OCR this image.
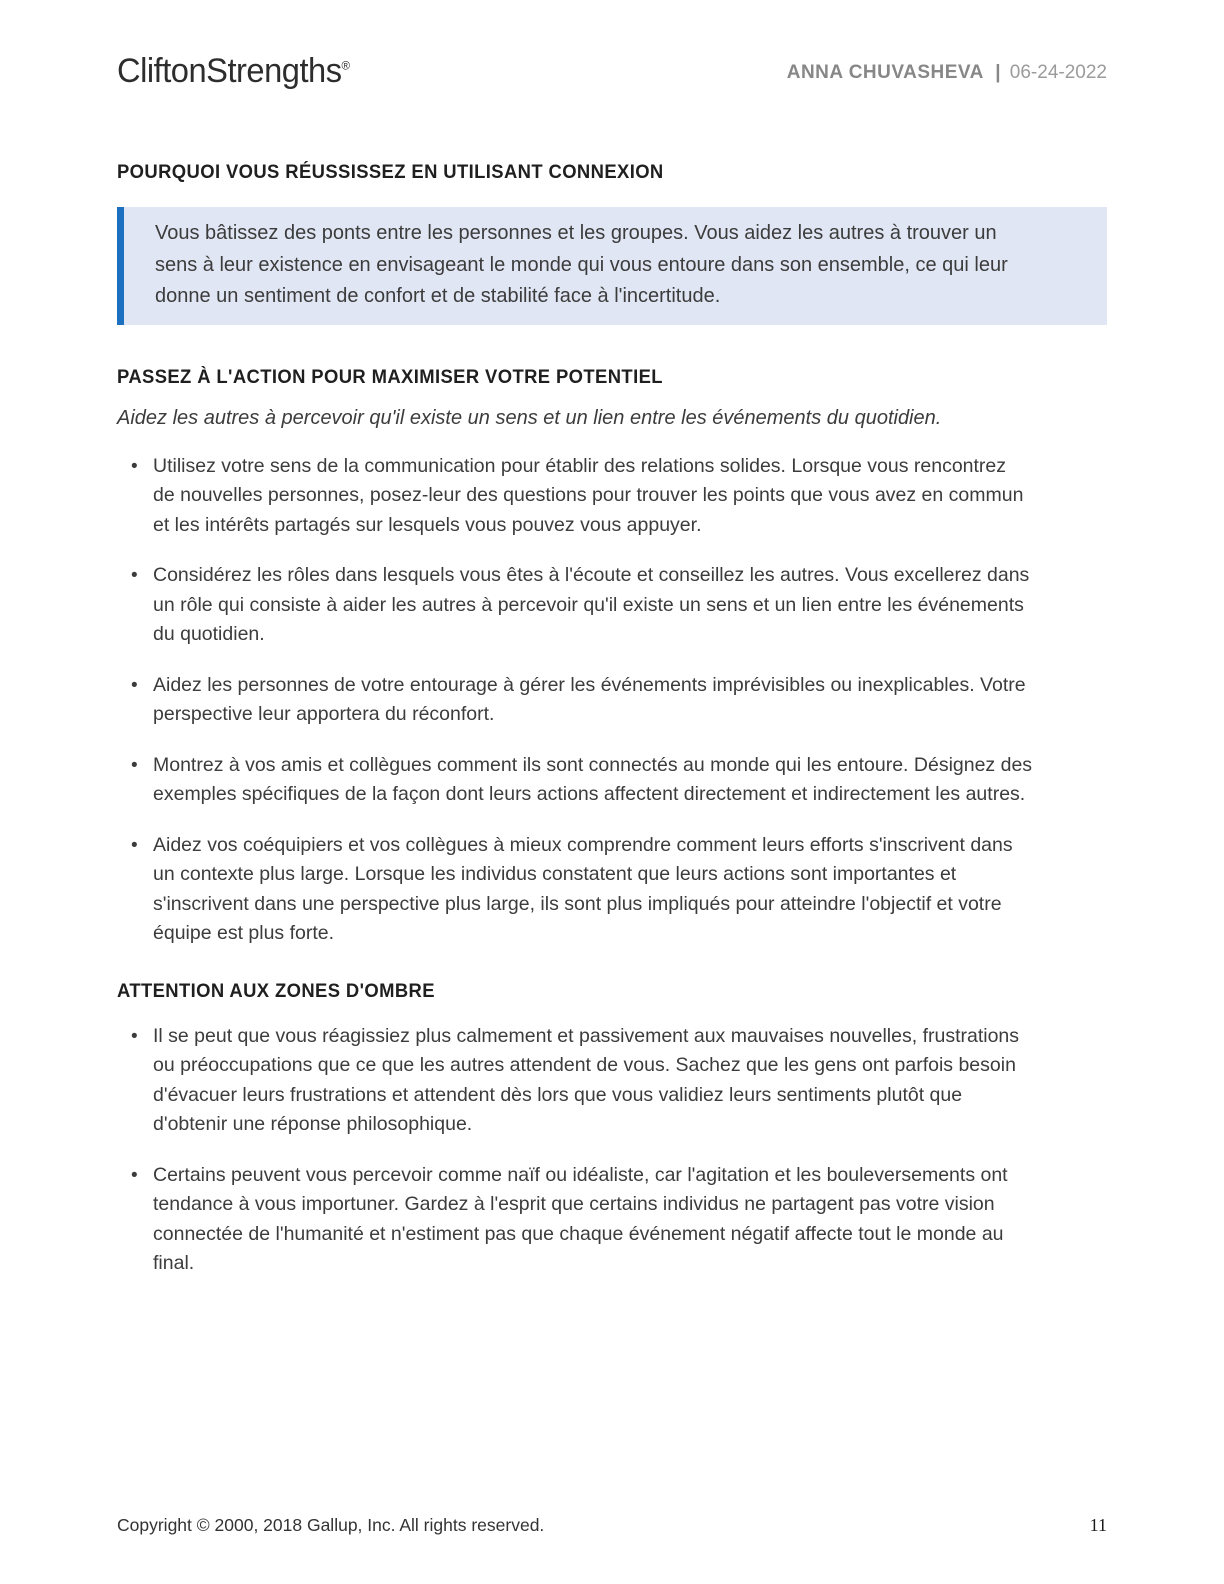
CliftonStrengths®	ANNA CHUVASHEVA | 06-24-2022
POURQUOI VOUS RÉUSSISSEZ EN UTILISANT CONNEXION

Vous bâtissez des ponts entre les personnes et les groupes. Vous aidez les autres à trouver un sens à leur existence en envisageant le monde qui vous entoure dans son ensemble, ce qui leur donne un sentiment de confort et de stabilité face à l'incertitude.

PASSEZ À L'ACTION POUR MAXIMISER VOTRE POTENTIEL

Aidez les autres à percevoir qu'il existe un sens et un lien entre les événements du quotidien.

• Utilisez votre sens de la communication pour établir des relations solides. Lorsque vous rencontrez de nouvelles personnes, posez-leur des questions pour trouver les points que vous avez en commun et les intérêts partagés sur lesquels vous pouvez vous appuyer.
• Considérez les rôles dans lesquels vous êtes à l'écoute et conseillez les autres. Vous excellerez dans un rôle qui consiste à aider les autres à percevoir qu'il existe un sens et un lien entre les événements du quotidien.
• Aidez les personnes de votre entourage à gérer les événements imprévisibles ou inexplicables. Votre perspective leur apportera du réconfort.
• Montrez à vos amis et collègues comment ils sont connectés au monde qui les entoure. Désignez des exemples spécifiques de la façon dont leurs actions affectent directement et indirectement les autres.
• Aidez vos coéquipiers et vos collègues à mieux comprendre comment leurs efforts s'inscrivent dans un contexte plus large. Lorsque les individus constatent que leurs actions sont importantes et s'inscrivent dans une perspective plus large, ils sont plus impliqués pour atteindre l'objectif et votre équipe est plus forte.
ATTENTION AUX ZONES D'OMBRE
• Il se peut que vous réagissiez plus calmement et passivement aux mauvaises nouvelles, frustrations ou préoccupations que ce que les autres attendent de vous. Sachez que les gens ont parfois besoin d'évacuer leurs frustrations et attendent dès lors que vous validiez leurs sentiments plutôt que d'obtenir une réponse philosophique.
• Certains peuvent vous percevoir comme naïf ou idéaliste, car l'agitation et les bouleversements ont tendance à vous importuner. Gardez à l'esprit que certains individus ne partagent pas votre vision connectée de l'humanité et n'estiment pas que chaque événement négatif affecte tout le monde au final.
Copyright © 2000, 2018 Gallup, Inc. All rights reserved.	11
